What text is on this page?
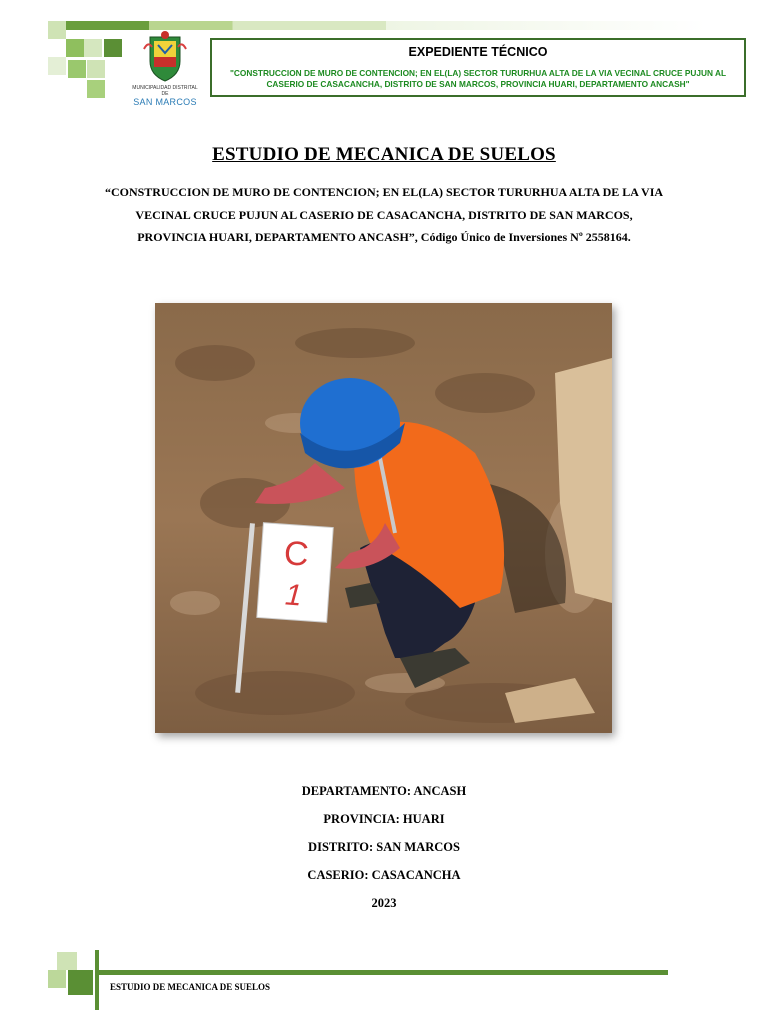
MUNICIPALIDAD DISTRITAL DE
SAN MARCOS
EXPEDIENTE TÉCNICO
"CONSTRUCCION DE MURO DE CONTENCION; EN EL(LA) SECTOR TURURHUA ALTA DE LA VIA VECINAL CRUCE PUJUN AL CASERIO DE CASACANCHA, DISTRITO DE SAN MARCOS, PROVINCIA HUARI, DEPARTAMENTO ANCASH"
ESTUDIO DE MECANICA DE SUELOS
“CONSTRUCCION DE MURO DE CONTENCION; EN EL(LA) SECTOR TURURHUA ALTA DE LA VIA VECINAL CRUCE PUJUN AL CASERIO DE CASACANCHA, DISTRITO DE SAN MARCOS, PROVINCIA HUARI, DEPARTAMENTO ANCASH”, Código Único de Inversiones Nº 2558164.
C
1
DEPARTAMENTO: ANCASH
PROVINCIA: HUARI
DISTRITO: SAN MARCOS
CASERIO: CASACANCHA
2023
ESTUDIO DE MECANICA DE SUELOS
